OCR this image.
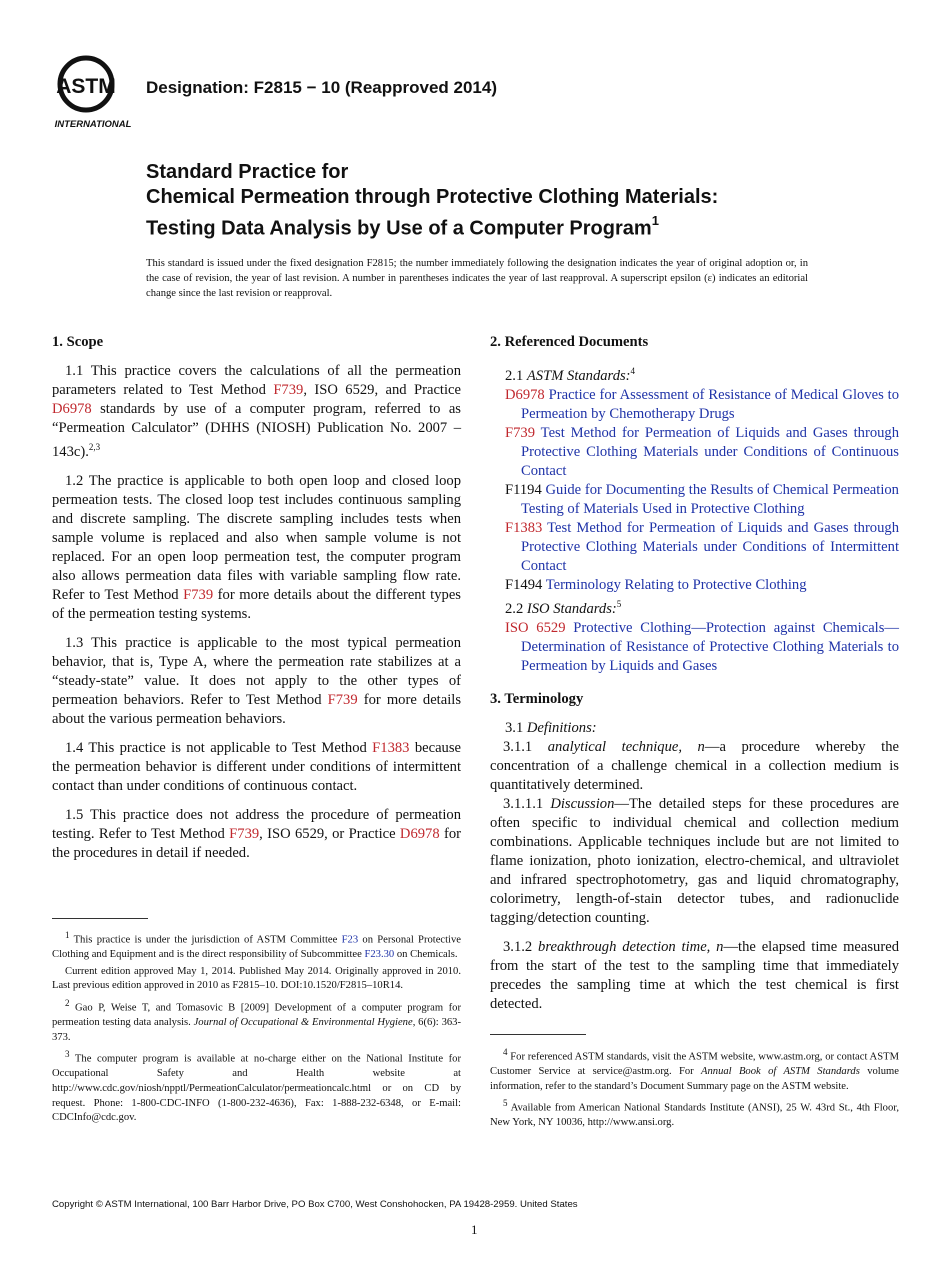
ASTM
INTERNATIONAL
Designation: F2815 − 10 (Reapproved 2014)
Standard Practice for
Chemical Permeation through Protective Clothing Materials:
Testing Data Analysis by Use of a Computer Program$^1$
This standard is issued under the fixed designation F2815; the number immediately following the designation indicates the year of original adoption or, in the case of revision, the year of last revision. A number in parentheses indicates the year of last reapproval. A superscript epsilon (ε) indicates an editorial change since the last revision or reapproval.
1. Scope

1.1 This practice covers the calculations of all the permeation parameters related to Test Method F739, ISO 6529, and Practice D6978 standards by use of a computer program, referred to as “Permeation Calculator” (DHHS (NIOSH) Publication No. 2007 – 143c).$^{2,3}$

1.2 The practice is applicable to both open loop and closed loop permeation tests. The closed loop test includes continuous sampling and discrete sampling. The discrete sampling includes tests when sample volume is replaced and also when sample volume is not replaced. For an open loop permeation test, the computer program also allows permeation data files with variable sampling flow rate. Refer to Test Method F739 for more details about the different types of the permeation testing systems.

1.3 This practice is applicable to the most typical permeation behavior, that is, Type A, where the permeation rate stabilizes at a “steady-state” value. It does not apply to the other types of permeation behaviors. Refer to Test Method F739 for more details about the various permeation behaviors.

1.4 This practice is not applicable to Test Method F1383 because the permeation behavior is different under conditions of intermittent contact than under conditions of continuous contact.

1.5 This practice does not address the procedure of permeation testing. Refer to Test Method F739, ISO 6529, or Practice D6978 for the procedures in detail if needed.

2. Referenced Documents
2.1 ASTM Standards:$^4$
D6978 Practice for Assessment of Resistance of Medical Gloves to Permeation by Chemotherapy Drugs
F739 Test Method for Permeation of Liquids and Gases through Protective Clothing Materials under Conditions of Continuous Contact
F1194 Guide for Documenting the Results of Chemical Permeation Testing of Materials Used in Protective Clothing
F1383 Test Method for Permeation of Liquids and Gases through Protective Clothing Materials under Conditions of Intermittent Contact
F1494 Terminology Relating to Protective Clothing
2.2 ISO Standards:$^5$
ISO 6529 Protective Clothing—Protection against Chemicals—Determination of Resistance of Protective Clothing Materials to Permeation by Liquids and Gases
3. Terminology
3.1 Definitions:

3.1.1 analytical technique, n—a procedure whereby the concentration of a challenge chemical in a collection medium is quantitatively determined.

3.1.1.1 Discussion—The detailed steps for these procedures are often specific to individual chemical and collection medium combinations. Applicable techniques include but are not limited to flame ionization, photo ionization, electro-chemical, and ultraviolet and infrared spectrophotometry, gas and liquid chromatography, colorimetry, length-of-stain detector tubes, and radionuclide tagging/detection counting.

3.1.2 breakthrough detection time, n—the elapsed time measured from the start of the test to the sampling time that immediately precedes the sampling time at which the test chemical is first detected.

$^1$ This practice is under the jurisdiction of ASTM Committee F23 on Personal Protective Clothing and Equipment and is the direct responsibility of Subcommittee F23.30 on Chemicals.

Current edition approved May 1, 2014. Published May 2014. Originally approved in 2010. Last previous edition approved in 2010 as F2815–10. DOI:10.1520/F2815–10R14.

$^2$ Gao P, Weise T, and Tomasovic B [2009] Development of a computer program for permeation testing data analysis. Journal of Occupational & Environmental Hygiene, 6(6): 363-373.

$^3$ The computer program is available at no-charge either on the National Institute for Occupational Safety and Health website at http://www.cdc.gov/niosh/npptl/PermeationCalculator/permeationcalc.html or on CD by request. Phone: 1-800-CDC-INFO (1-800-232-4636), Fax: 1-888-232-6348, or E-mail: CDCInfo@cdc.gov.

$^4$ For referenced ASTM standards, visit the ASTM website, www.astm.org, or contact ASTM Customer Service at service@astm.org. For Annual Book of ASTM Standards volume information, refer to the standard’s Document Summary page on the ASTM website.

$^5$ Available from American National Standards Institute (ANSI), 25 W. 43rd St., 4th Floor, New York, NY 10036, http://www.ansi.org.

Copyright © ASTM International, 100 Barr Harbor Drive, PO Box C700, West Conshohocken, PA 19428-2959. United States
1
